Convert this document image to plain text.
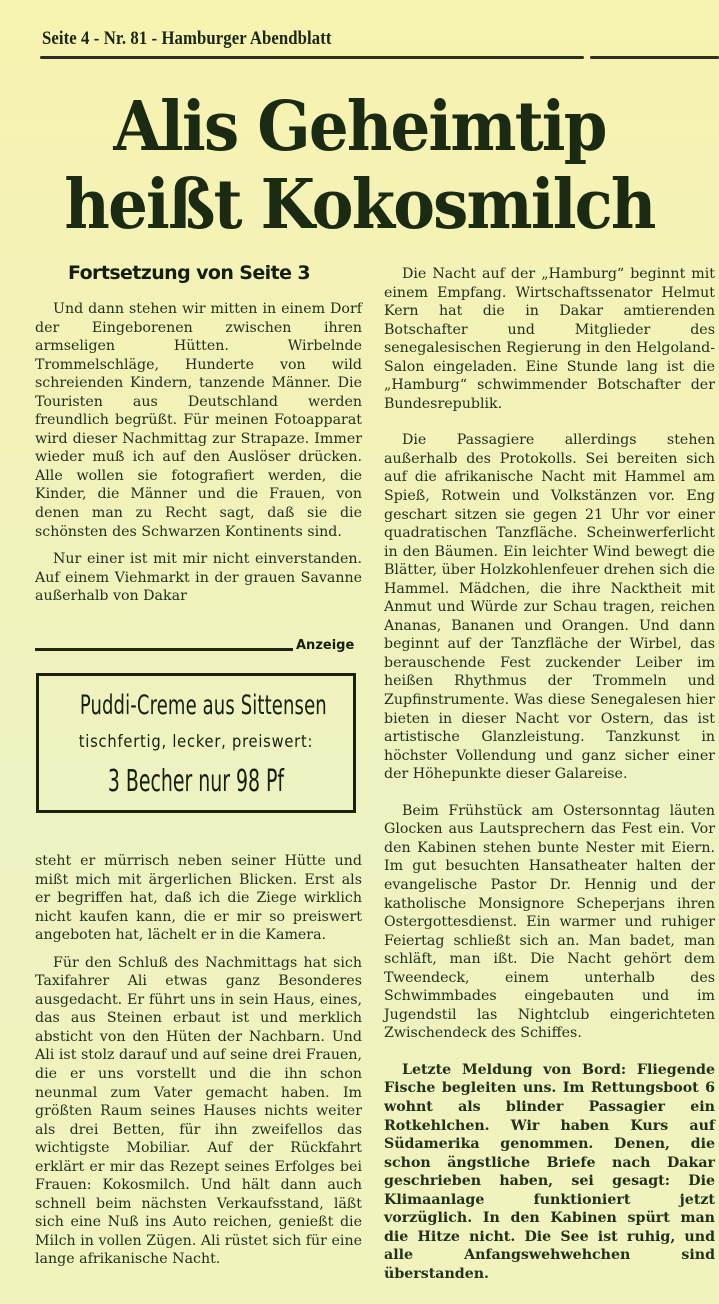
Seite 4 - Nr. 81 - Hamburger Abendblatt
Alis Geheimtip
heißt Kokosmilch
Fortsetzung von Seite 3

Und dann stehen wir mitten in einem Dorf der Eingeborenen zwischen ihren armseligen Hütten. Wirbelnde Trommelschläge, Hunderte von wild schreienden Kindern, tanzende Männer. Die Touristen aus Deutschland werden freundlich begrüßt. Für meinen Fotoapparat wird dieser Nachmittag zur Strapaze. Immer wieder muß ich auf den Auslöser drücken. Alle wollen sie fotografiert werden, die Kinder, die Männer und die Frauen, von denen man zu Recht sagt, daß sie die schönsten des Schwarzen Kontinents sind.

Nur einer ist mit mir nicht einverstanden. Auf einem Viehmarkt in der grauen Savanne außerhalb von Dakar

Anzeige
Puddi-Creme aus Sittensen
tischfertig, lecker, preiswert:
3 Becher nur 98 Pf

steht er mürrisch neben seiner Hütte und mißt mich mit ärgerlichen Blicken. Erst als er begriffen hat, daß ich die Ziege wirklich nicht kaufen kann, die er mir so preiswert angeboten hat, lächelt er in die Kamera.

Für den Schluß des Nachmittags hat sich Taxifahrer Ali etwas ganz Besonderes ausgedacht. Er führt uns in sein Haus, eines, das aus Steinen erbaut ist und merklich absticht von den Hüten der Nachbarn. Und Ali ist stolz darauf und auf seine drei Frauen, die er uns vorstellt und die ihn schon neunmal zum Vater gemacht haben. Im größten Raum seines Hauses nichts weiter als drei Betten, für ihn zweifellos das wichtigste Mobiliar. Auf der Rückfahrt erklärt er mir das Rezept seines Erfolges bei Frauen: Kokosmilch. Und hält dann auch schnell beim nächsten Verkaufsstand, läßt sich eine Nuß ins Auto reichen, genießt die Milch in vollen Zügen. Ali rüstet sich für eine lange afrikanische Nacht.

Die Nacht auf der „Hamburg“ beginnt mit einem Empfang. Wirtschaftssenator Helmut Kern hat die in Dakar amtierenden Botschafter und Mitglieder des senegalesischen Regierung in den Helgoland-Salon eingeladen. Eine Stunde lang ist die „Hamburg“ schwimmender Botschafter der Bundesrepublik.

Die Passagiere allerdings stehen außerhalb des Protokolls. Sei bereiten sich auf die afrikanische Nacht mit Hammel am Spieß, Rotwein und Volkstänzen vor. Eng geschart sitzen sie gegen 21 Uhr vor einer quadratischen Tanzfläche. Scheinwerferlicht in den Bäumen. Ein leichter Wind bewegt die Blätter, über Holzkohlenfeuer drehen sich die Hammel. Mädchen, die ihre Nacktheit mit Anmut und Würde zur Schau tragen, reichen Ananas, Bananen und Orangen. Und dann beginnt auf der Tanzfläche der Wirbel, das berauschende Fest zuckender Leiber im heißen Rhythmus der Trommeln und Zupfinstrumente. Was diese Senegalesen hier bieten in dieser Nacht vor Ostern, das ist artistische Glanzleistung. Tanzkunst in höchster Vollendung und ganz sicher einer der Höhepunkte dieser Galareise.

Beim Frühstück am Ostersonntag läuten Glocken aus Lautsprechern das Fest ein. Vor den Kabinen stehen bunte Nester mit Eiern. Im gut besuchten Hansatheater halten der evangelische Pastor Dr. Hennig und der katholische Monsignore Scheperjans ihren Ostergottesdienst. Ein warmer und ruhiger Feiertag schließt sich an. Man badet, man schläft, man ißt. Die Nacht gehört dem Tweendeck, einem unterhalb des Schwimmbades eingebauten und im Jugendstil las Nightclub eingerichteten Zwischendeck des Schiffes.

Letzte Meldung von Bord: Fliegende Fische begleiten uns. Im Rettungsboot 6 wohnt als blinder Passagier ein Rotkehlchen. Wir haben Kurs auf Südamerika genommen. Denen, die schon ängstliche Briefe nach Dakar geschrieben haben, sei gesagt: Die Klimaanlage funktioniert jetzt vorzüglich. In den Kabinen spürt man die Hitze nicht. Die See ist ruhig, und alle Anfangswehwehchen sind überstanden.
